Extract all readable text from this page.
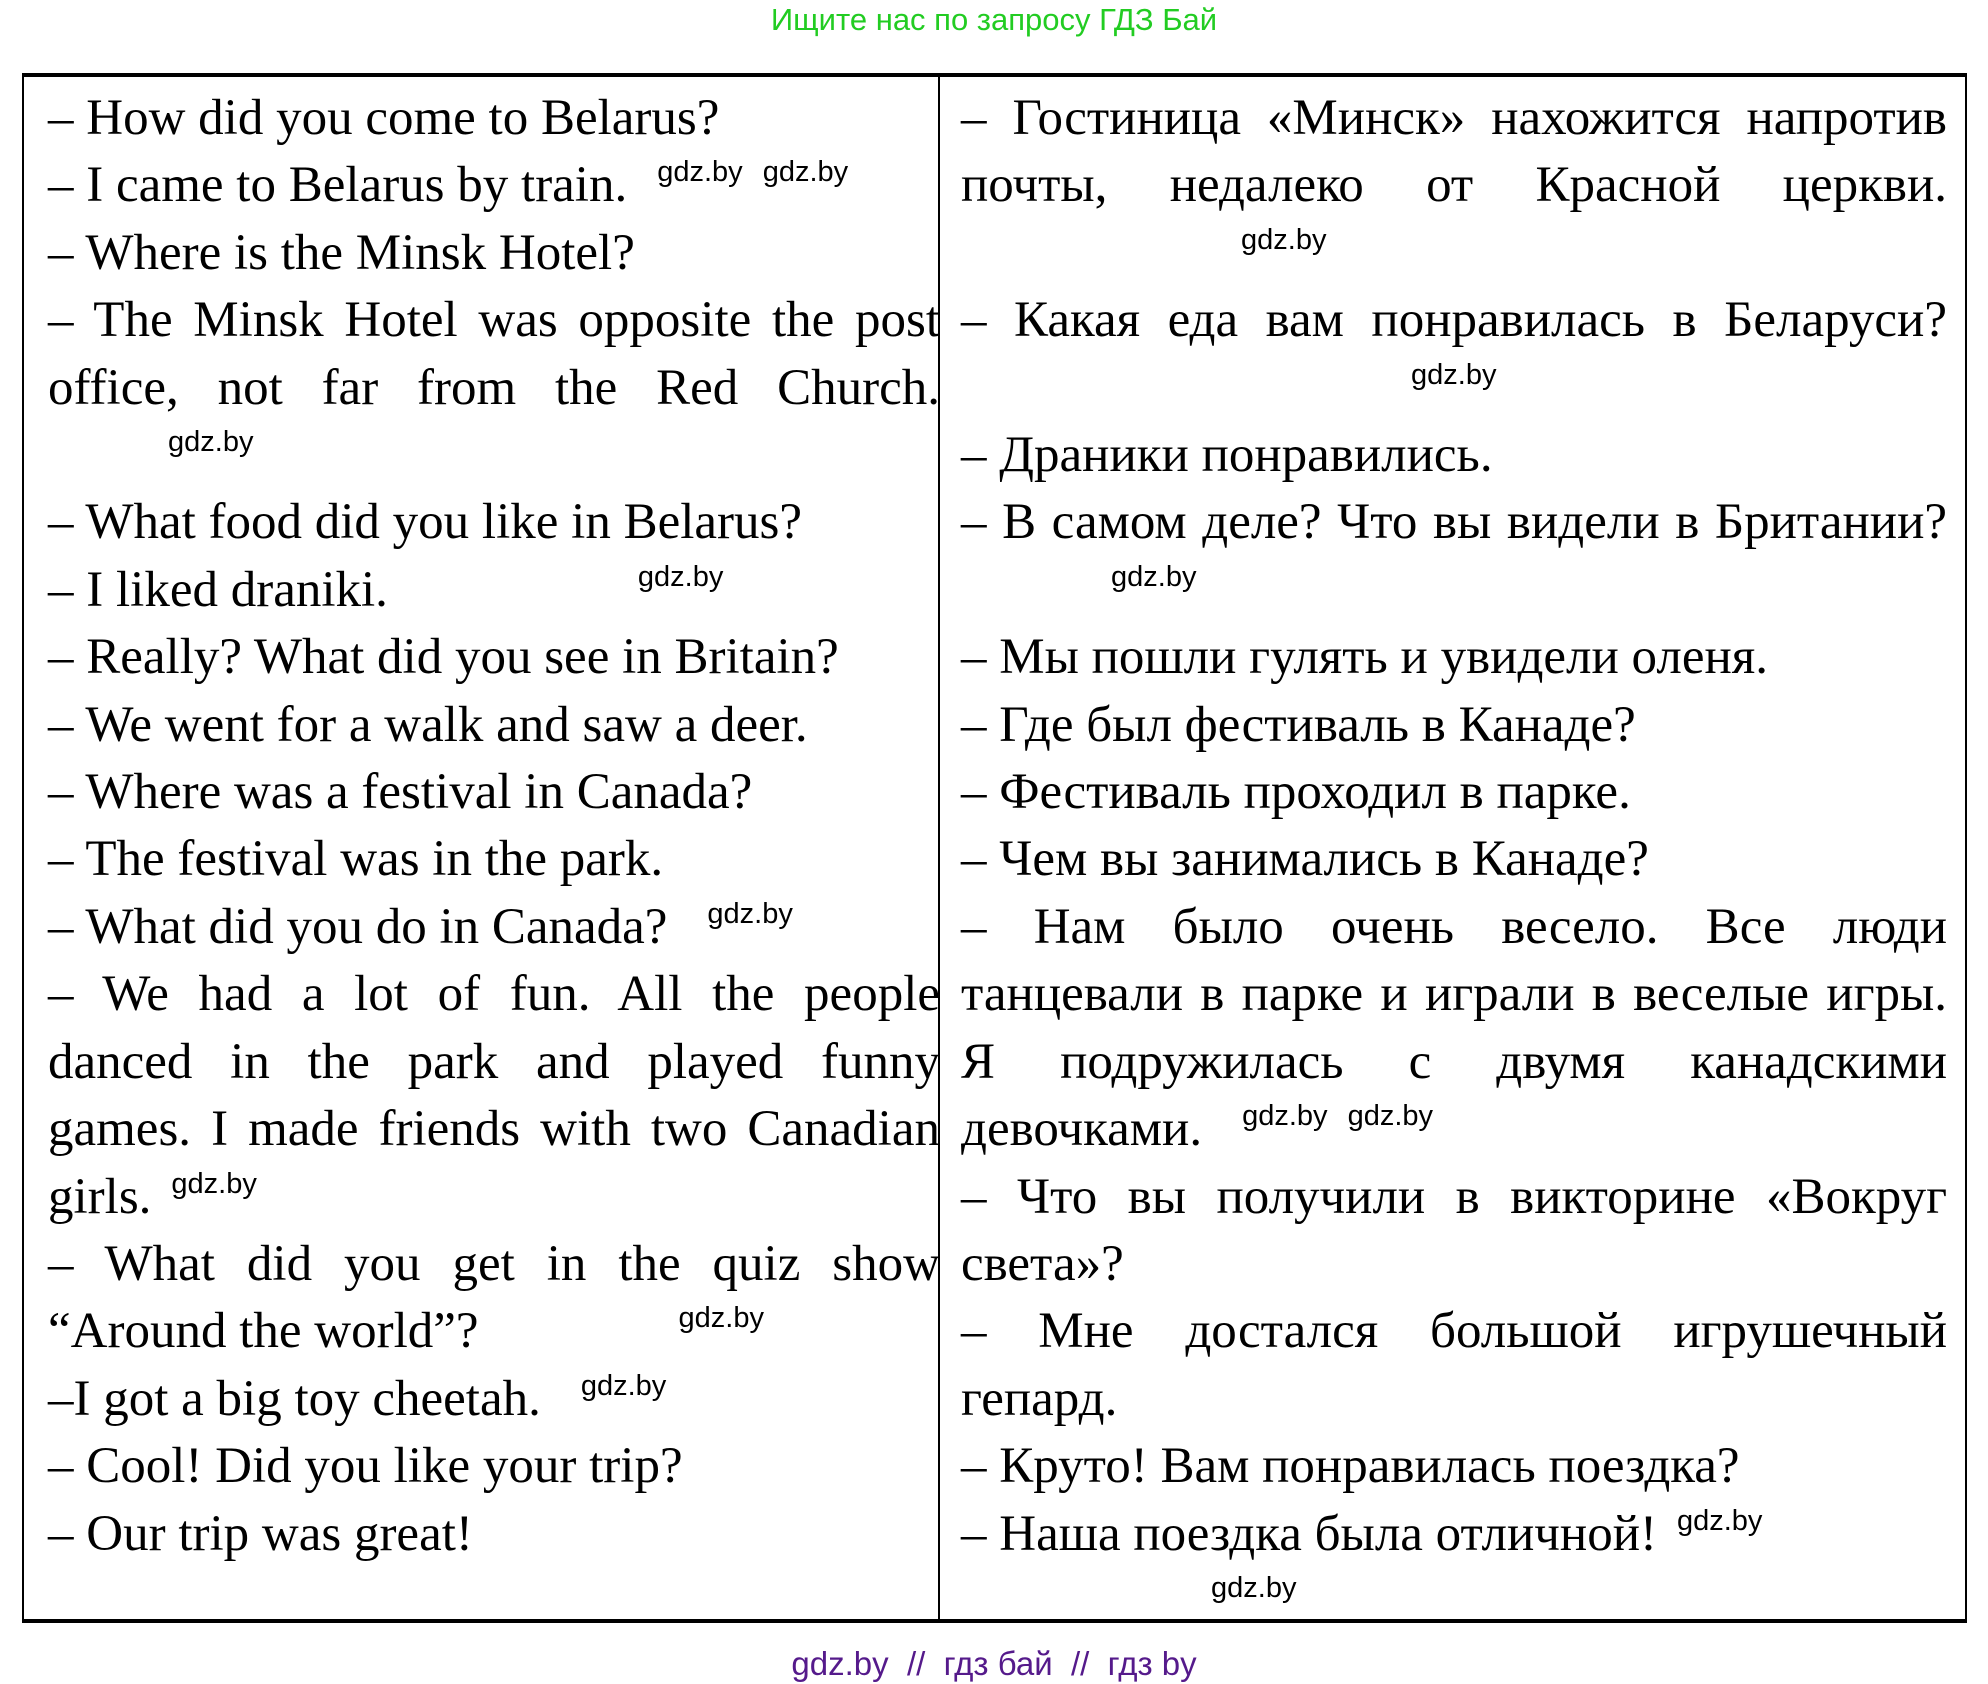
Ищите нас по запросу ГДЗ Бай

– How did you come to Belarus?

– I came to Belarus by train. gdz.by gdz.by

– Where is the Minsk Hotel?

– The Minsk Hotel was opposite the post office, not far from the Red Church.gdz.by

– What food did you like in Belarus?

– I liked draniki.	gdz.by

– Really? What did you see in Britain?

– We went for a walk and saw a deer.

– Where was a festival in Canada?

– The festival was in the park.

– What did you do in Canada? gdz.by

– We had a lot of fun. All the people danced in the park and played funny games. I made friends with two Canadian girls. gdz.by

– What did you get in the quiz show “Around the world”?	gdz.by

–I got a big toy cheetah. gdz.by

– Cool! Did you like your trip?

– Our trip was great!

– Гостиница «Минск» нахожится напротив почты, недалеко от Красной церкви.gdz.by

– Какая еда вам понравилась в Беларуси?gdz.by

– Драники понравились.

– В самом деле? Что вы видели в Британии?gdz.by

– Мы пошли гулять и увидели оленя.

– Где был фестиваль в Канаде?

– Фестиваль проходил в парке.

– Чем вы занимались в Канаде?

– Нам было очень весело. Все люди танцевали в парке и играли в веселые игры. Я подружилась с двумя канадскими девочками. gdz.by gdz.by

– Что вы получили в викторине «Вокруг света»?

– Мне достался большой игрушечный гепард.

– Круто! Вам понравилась поездка?

– Наша поездка была отличной! gdz.by

gdz.by
gdz.by  //  гдз бай  //  гдз by
